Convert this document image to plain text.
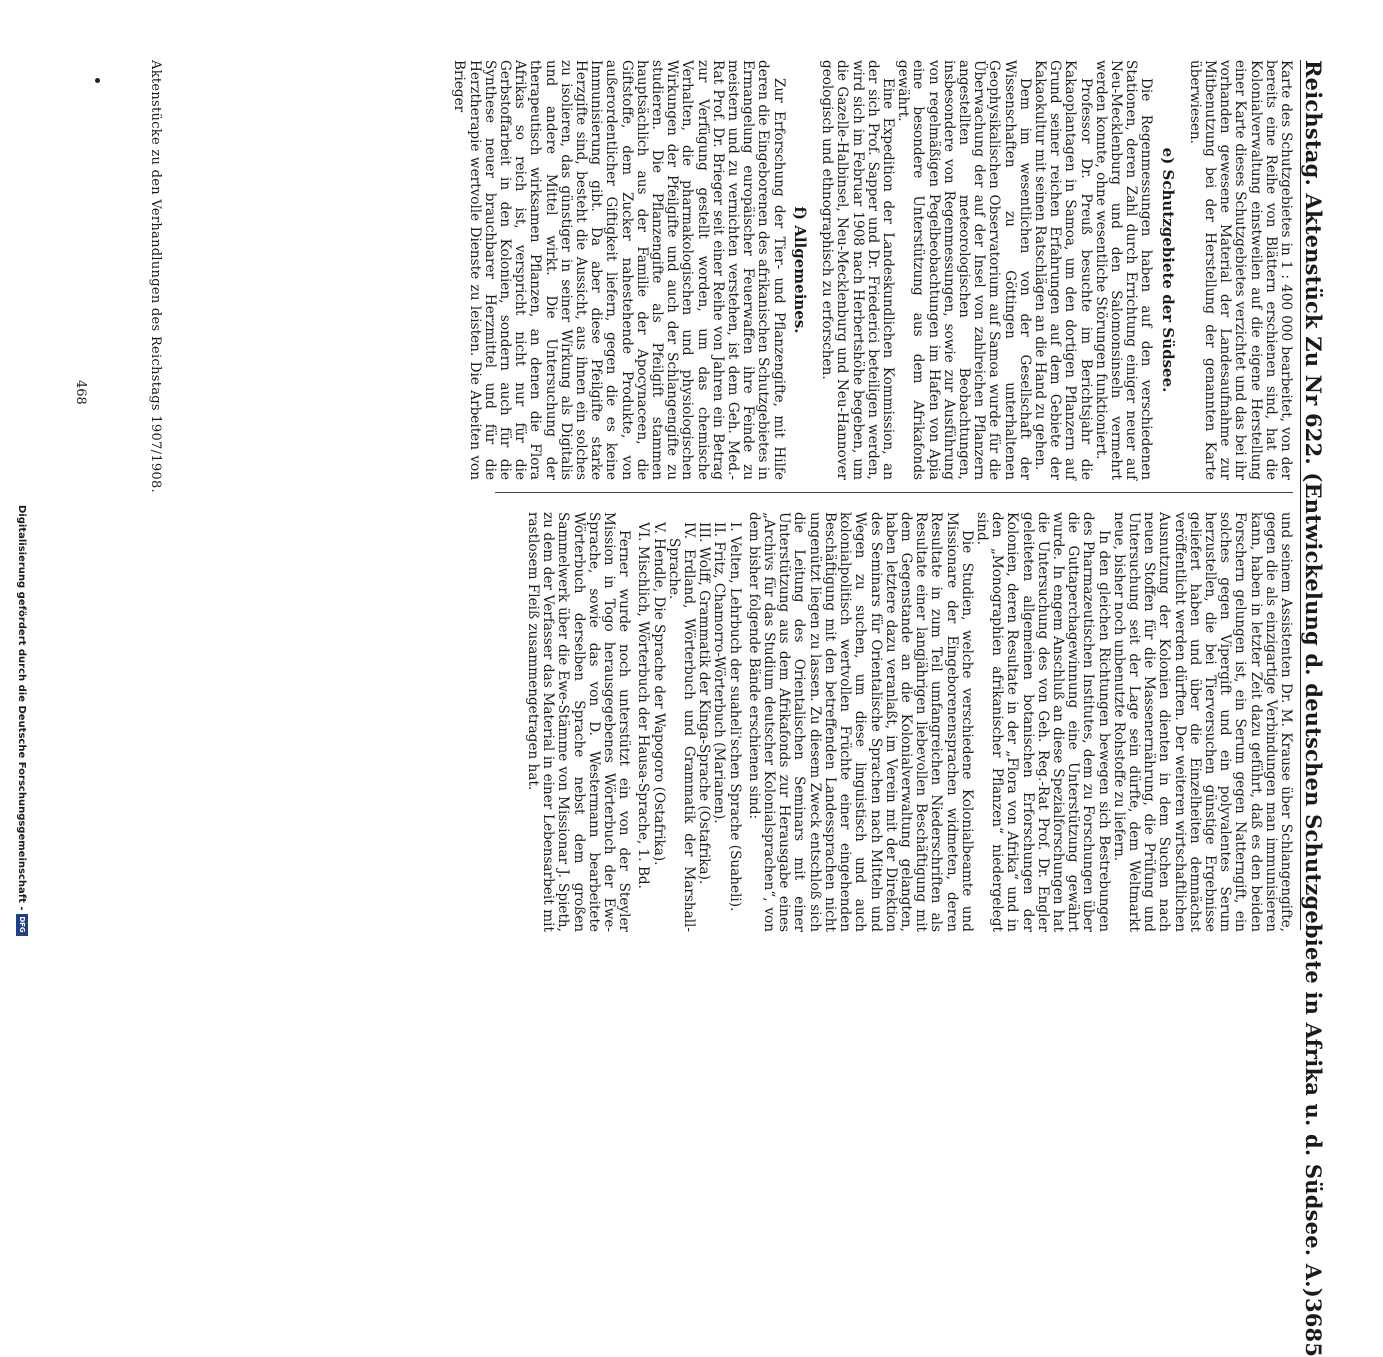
Reichstag. Aktenstück Zu Nr 622. (Entwickelung d. deutschen Schutzgebiete in Afrika u. d. Südsee. A.)
3685

Karte des Schutzgebietes in 1 : 400 000 bearbeitet, von der bereits eine Reihe von Blättern erschienen sind, hat die Kolonialverwaltung einstweilen auf die eigene Herstellung einer Karte dieses Schutzgebietes verzichtet und das bei ihr vorhanden gewesene Material der Landesaufnahme zur Mitbenutzung bei der Herstellung der genannten Karte überwiesen.

e) Schutzgebiete der Südsee.

Die Regenmessungen haben auf den verschiedenen Stationen, deren Zahl durch Errichtung einiger neuer auf Neu-Mecklenburg und den Salomonsinseln vermehrt werden konnte, ohne wesentliche Störungen funktioniert.

Professor Dr. Preuß besuchte im Berichtsjahr die Kakaoplantagen in Samoa, um den dortigen Pflanzern auf Grund seiner reichen Erfahrungen auf dem Gebiete der Kakaokultur mit seinen Ratschlägen an die Hand zu gehen.

Dem im wesentlichen von der Gesellschaft der Wissenschaften zu Göttingen unterhaltenen Geophysikalischen Observatorium auf Samoa wurde für die Überwachung der auf der Insel von zahlreichen Pflanzern angestellten meteorologischen Beobachtungen, insbesondere von Regenmessungen, sowie zur Ausführung von regelmäßigen Pegelbeobachtungen im Hafen von Apia eine besondere Unterstützung aus dem Afrikafonds gewährt.

Eine Expedition der Landeskundlichen Kommission, an der sich Prof. Sapper und Dr. Friederici beteiligen werden, wird sich im Februar 1908 nach Herbertshöhe begeben, um die Gazelle-Halbinsel, Neu-Mecklenburg und Neu-Hannover geologisch und ethnographisch zu erforschen.

f) Allgemeines.

Zur Erforschung der Tier- und Pflanzengifte, mit Hilfe deren die Eingeborenen des afrikanischen Schutzgebietes in Ermangelung europäischer Feuerwaffen ihre Feinde zu meistern und zu vernichten verstehen, ist dem Geh. Med.-Rat Prof. Dr. Brieger seit einer Reihe von Jahren ein Betrag zur Verfügung gestellt worden, um das chemische Verhalten, die pharmakologischen und physiologischen Wirkungen der Pfeilgifte und auch der Schlangengifte zu studieren. Die Pflanzengifte als Pfeilgift stammen hauptsächlich aus der Familie der Apocynaceen, die Giftstoffe, dem Zucker nahestehende Produkte, von außerordentlicher Giftigkeit liefern, gegen die es keine Immunisierung gibt. Da aber diese Pfeilgifte starke Herzgifte sind, besteht die Aussicht, aus ihnen ein solches zu isolieren, das günstiger in seiner Wirkung als Digitalis und andere Mittel wirkt. Die Untersuchung der therapeutisch wirksamen Pflanzen, an denen die Flora Afrikas so reich ist, verspricht nicht nur für die Gerbstoffarbeit in den Kolonien, sondern auch für die Synthese neuer brauchbarer Herzmittel und für die Herztherapie wertvolle Dienste zu leisten. Die Arbeiten von Brieger

und seinem Assistenten Dr. M. Krause über Schlangengifte, gegen die als einzigartige Verbindungen man immunisieren kann, haben in letzter Zeit dazu geführt, daß es den beiden Forschern gelungen ist, ein Serum gegen Natterngift, ein solches gegen Vipergift und ein polyvalentes Serum herzustellen, die bei Tierversuchen günstige Ergebnisse geliefert haben und über die Einzelheiten demnächst veröffentlicht werden dürften. Der weiteren wirtschaftlichen Ausnutzung der Kolonien dienten in dem Suchen nach neuen Stoffen für die Massenernährung, die Prüfung und Untersuchung seit der Lage sein dürfte, dem Weltmarkt neue, bisher noch unbenutzte Rohstoffe zu liefern.

In den gleichen Richtungen bewegen sich Bestrebungen des Pharmazeutischen Institutes, dem zu Forschungen über die Guttaperchagewinnung eine Unterstützung gewährt wurde. In engem Anschluß an diese Spezialforschungen hat die Untersuchung des von Geh. Reg.-Rat Prof. Dr. Engler geleiteten allgemeinen botanischen Erforschungen der Kolonien, deren Resultate in der „Flora von Afrika“ und in den „Monographien afrikanischer Pflanzen“ niedergelegt sind.

Die Studien, welche verschiedene Kolonialbeamte und Missionare der Eingeborenensprachen widmeten, deren Resultate in zum Teil umfangreichen Niederschriften als Resultate einer langjährigen liebevollen Beschäftigung mit dem Gegenstande an die Kolonialverwaltung gelangten, haben letztere dazu veranlaßt, im Verein mit der Direktion des Seminars für Orientalische Sprachen nach Mitteln und Wegen zu suchen, um diese linguistisch und auch kolonialpolitisch wertvollen Früchte einer eingehenden Beschäftigung mit den betreffenden Landessprachen nicht ungenützt liegen zu lassen. Zu diesem Zweck entschloß sich die Leitung des Orientalischen Seminars mit einer Unterstützung aus dem Afrikafonds zur Herausgabe eines „Archivs für das Studium deutscher Kolonialsprachen“, von dem bisher folgende Bände erschienen sind:

I. Velten, Lehrbuch der suaheli'schen Sprache (Suaheli).
II. Fritz, Chamorro-Wörterbuch (Marianen).
III. Wolff, Grammatik der Kinga-Sprache (Ostafrika).
IV. Erdland, Wörterbuch und Grammatik der Marshall-Sprache.
V. Hendle, Die Sprache der Wapogoro (Ostafrika).
VI. Mischlich, Wörterbuch der Hausa-Sprache, 1. Bd.

Ferner wurde noch unterstützt ein von der Steyler Mission in Togo herausgegebenes Wörterbuch der Ewe-Sprache, sowie das von D. Westermann bearbeitete Wörterbuch derselben Sprache nebst dem großen Sammelwerk über die Ewe-Stämme von Missionar J. Spieth, zu dem der Verfasser das Material in einer Lebensarbeit mit rastlosem Fleiß zusammengetragen hat.

Aktenstücke zu den Verhandlungen des Reichstags 1907/1908.
468
Digitalisierung gefördert durch die Deutsche Forschungsgemeinschaft -
DFG
